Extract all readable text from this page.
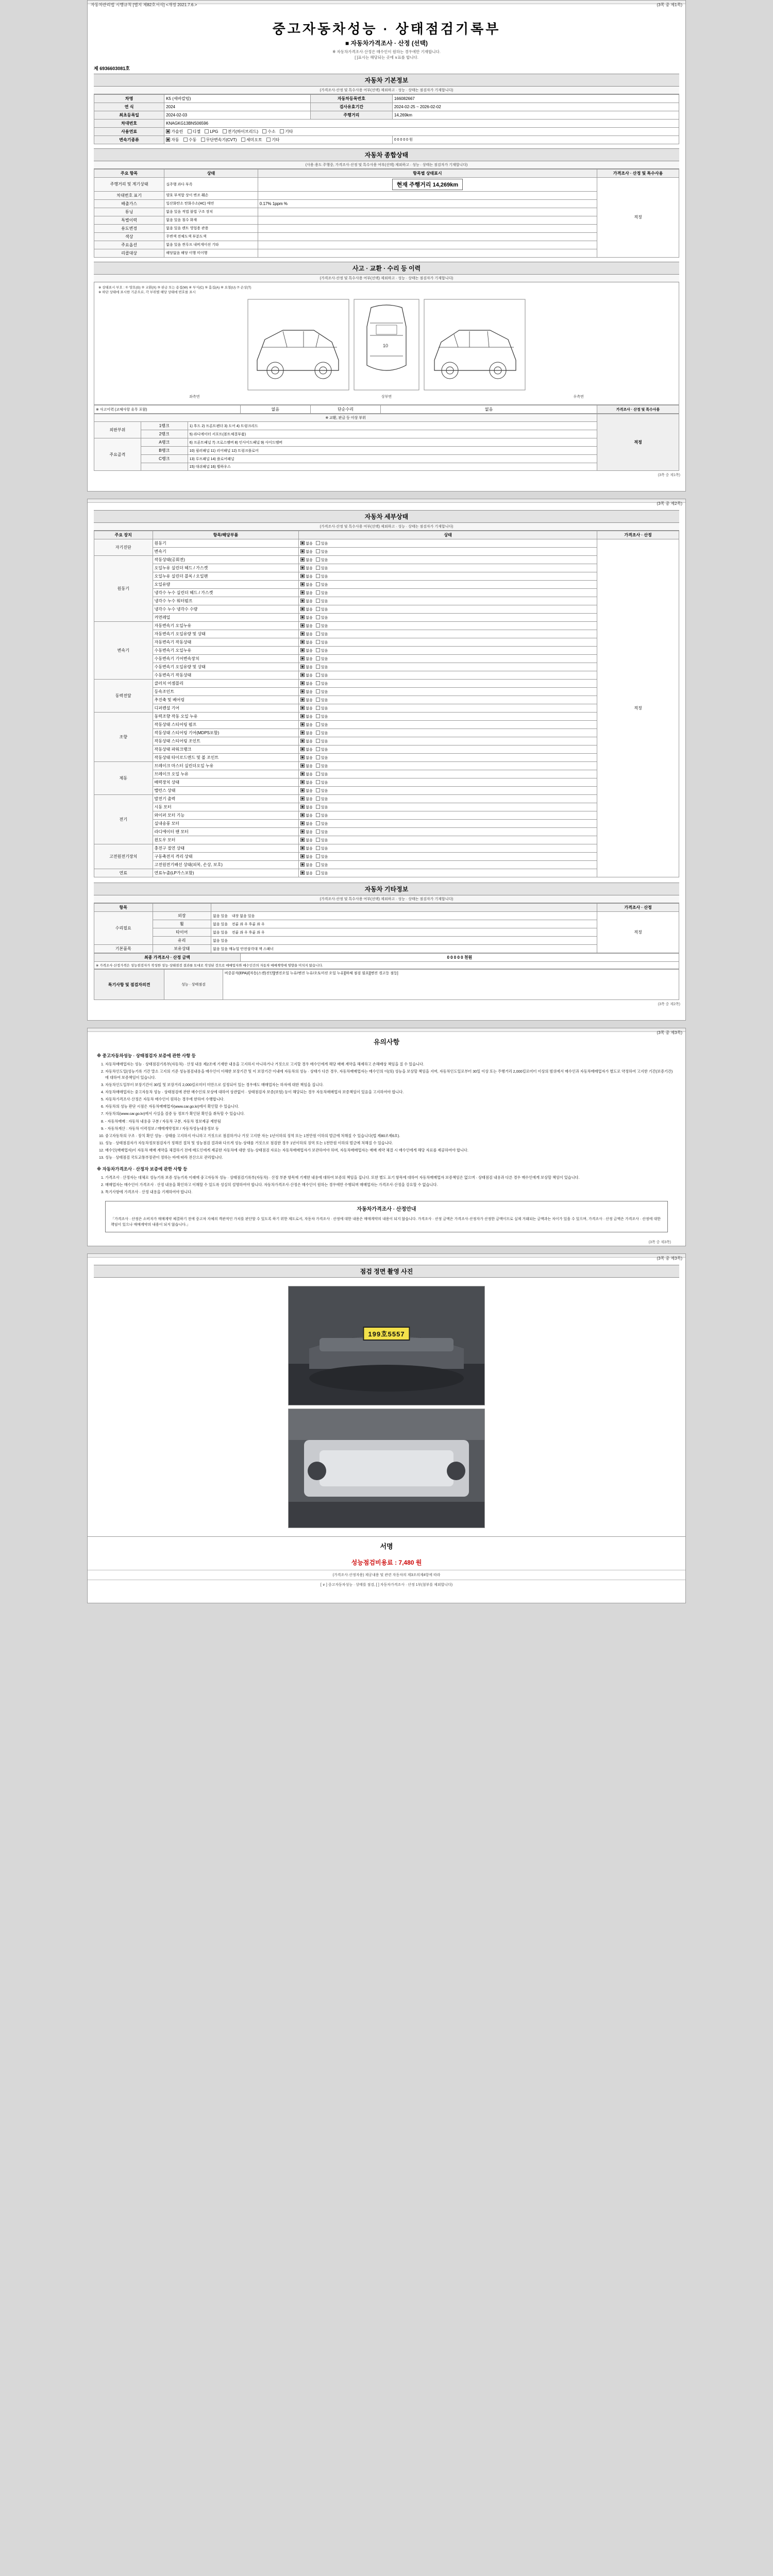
자동차관리법 시행규칙 [별지 제82호서식] <개정 2021.7.6.>	(3쪽 중 제1쪽)
중고자동차성능 · 상태점검기록부
■ 자동차가격조사 · 산정 (선택)
※ 자동차가격조사·산정은 매수인이 원하는 경우에만 기재합니다.
[ ]표시는 해당되는 곳에 ∨표를 합니다.
제 6936603081호
자동차 기본정보
(가격조사·산정 및 특수사용 여부(선택) 제외하고 · 성능 · 상태는 점검자가 기재합니다)
차명	K5 (세바칼럼)	자동차등록번호	166082667
연 식	2024	검사유효기간	2024-02-25 ~ 2026-02-02
최초등록일	2024-02-03	주행거리	14,269km
차대번호	KNAGKG13BNS06596		
사용연료	가솔린 디젤 LPG 전기(하이브리드) 수소 기타		
변속기종류	자동 수동 무단변속기(CVT) 세미오토 기타		0 0 0 0 0 원
자동차 종합상태
(사용·용도 주행중, 가격조사·산정 및 특수사용 여부(선택) 제외하고 · 성능 · 상태는 점검자가 기재합니다)
주요 항목	상태	항목별 상태표시	가격조사 · 산정 및 특수사용
주행거리 및 계기상태	실주행 과다 부족	현재 주행거리 14,269km	적정
차대번호 표기	양호 부적합 상이 변조 훼손		
배출가스	일산화탄소 탄화수소(HC) 매연	0.17% 1ppm %	
튜닝	없음 있음 적법 불법 구조 장치		
특별이력	없음 있음 침수 화재		
용도변경	없음 있음 렌트 영업용 관용		
색상	무변색 전체도색 부분도색		
주요옵션	없음 있음 썬루프 내비게이션 기타		
리콜대상	해당없음 해당 이행 미이행		
사고 · 교환 · 수리 등 이력
(가격조사·산정 및 특수사용 여부(선택) 제외하고 · 성능 · 상태는 점검자가 기재합니다)
※ 상태표시 부호 : ① 양호(G) ② 교환(X) ③ 판금 또는 용접(W) ④ 부식(C) ⑤ 흠집(A) ⑥ 요철(U) ⑦ 손상(T)
※ 하단 상태에 표시한 기준으로, 각 부위별 해당 상태에 번호를 표시
10
좌측면	상부면	우측면
※ 사고이력 (교체사항 유무 포함)	없음	단순수리	없음	가격조사 · 산정 및 특수사용
※ 교환, 판금 등 이상 부위			적정
외판부위	1랭크	1) 후드 2) 프론트펜더 3) 도어 4) 트렁크리드	
	2랭크	5) 라디에이터 서포트(볼트체결부품)	
주요골격	A랭크	6) 프론트패널 7) 크로스멤버 8) 인사이드패널 9) 사이드멤버	
	B랭크	10) 필러패널 11) 리어패널 12) 트렁크플로어	
	C랭크	13) 루프패널 14) 플로어패널	
		15) 대쉬패널 16) 휠하우스	
(3쪽 중 제1쪽)
(3쪽 중 제2쪽)
자동차 세부상태
(가격조사·산정 및 특수사용 여부(선택) 제외하고 · 성능 · 상태는 점검자가 기재합니다)
주요 장치	항목/해당부품	상태	가격조사 · 산정
자기진단	원동기	없음 있음	적정
	변속기	없음 있음	
원동기	작동상태(공회전)	없음 있음	
	오일누유 실린더 헤드 / 가스켓	없음 있음	
	오일누유 실린더 블록 / 오일팬	없음 있음	
	오일유량	없음 있음	
	냉각수 누수 실린더 헤드 / 가스켓	없음 있음	
	냉각수 누수 워터펌프	없음 있음	
	냉각수 누수 냉각수 수량	없음 있음	
	커먼레일	없음 있음	
변속기	자동변속기 오일누유	없음 있음	
	자동변속기 오일유량 및 상태	없음 있음	
	자동변속기 작동상태	없음 있음	
	수동변속기 오일누유	없음 있음	
	수동변속기 기어변속장치	없음 있음	
	수동변속기 오일유량 및 상태	없음 있음	
	수동변속기 작동상태	없음 있음	
동력전달	클러치 어셈블리	없음 있음	
	등속조인트	없음 있음	
	추진축 및 베어링	없음 있음	
	디퍼렌셜 기어	없음 있음	
조향	동력조향 작동 오일 누유	없음 있음	
	작동상태 스티어링 펌프	없음 있음	
	작동상태 스티어링 기어(MDPS포함)	없음 있음	
	작동상태 스티어링 조인트	없음 있음	
	작동상태 파워크랭크	없음 있음	
	작동상태 타이로드엔드 및 볼 조인트	없음 있음	
제동	브레이크 마스터 실린더오일 누유	없음 있음	
	브레이크 오일 누유	없음 있음	
	배력장치 상태	없음 있음	
	밸런스 상태	없음 있음	
전기	발전기 출력	없음 있음	
	시동 모터	없음 있음	
	와이퍼 모터 기능	없음 있음	
	실내송풍 모터	없음 있음	
	라디에이터 팬 모터	없음 있음	
	윈도우 모터	없음 있음	
고전원전기장치	충전구 절연 상태	없음 있음	
	구동축전지 격리 상태	없음 있음	
	고전원전기배선 상태(피복, 손상, 보호)	없음 있음	
연료	연료누출(LP가스포함)	없음 있음	
자동차 기타정보
(가격조사·산정 및 특수사용 여부(선택) 제외하고 · 성능 · 상태는 점검자가 기재합니다)
항목	　	　	가격조사 · 산정
수리필요	외장	없음 있음 내장 없음 있음	적정
	휠	없음 있음 전륜 좌 우 후륜 좌 우	
	타이어	없음 있음 전륜 좌 우 후륜 좌 우	
	유리	없음 있음	
기본품목	보유상태	없음 있음 매뉴얼 안전삼각대 잭 스패너	
최종 가격조사 · 산정 금액	0 0 0 0 0 천원
※ 가격조사·산정가격은 성능점검자가 작성한 성능·상태점검 결과를 토대로 작성된 것으로 매매업자와 매수인간의 자동차 매매계약에 영향을 미치지 않습니다.
특기사항 및 점검자의견	성능 · 상태점검	비중분석(EPA)/[자동(스캔)진단][엔진오일 누유/엔진 누유/오토미션 오일 누유][하체 점검 필요][엔진 경고등 점등]
(3쪽 중 제2쪽)
(3쪽 중 제3쪽)
유의사항
※ 중고자동차성능 · 상태점검자 보증에 관한 사항 등
1. 자동차매매업자는 성능 · 상태점검기록부(자동차) · 산정 내용 제2조에 기재한 내용을 고지하지 아니하거나 거짓으로 고지할 경우 매수인에게 해당 매매 계약을 해제하고 손해배상 책임을 질 수 있습니다.
2. 자동차인도일(성능기록 기간 말소 고지의 기준 성능점검내용을 매수인이 이해한 보장기간 및 이 보장기간 이내에 자동차의 성능 · 상태가 다른 경우, 자동차매매업자는 매수인의 이(의) 성능을 보상할 책임을 지며, 자동차인도일로부터 30일 이상 또는 주행거리 2,000킬로미터 이상의 범위에서 매수인과 자동차매매업자가 별도로 약정하여 고지한 기간(보증기간)에 대하여 보증책임이 있습니다.
3. 자동차인도일부터 보장기간이 30일 및 보장거리 2,000킬로미터 미만으로 설정되어 있는 경우에도 매매업자는 하자에 대한 책임을 집니다.
4. 자동차매매업자는 중고자동차 성능 · 상태점검에 관한 매수인의 보상에 대하여 상관없이 · 상태점검자 보증(보험) 등이 해당되는 경우 자동차매매업자 보증책임이 있음을 고지하여야 합니다.
5. 자동차가격조사·산정은 자동차 매수인이 원하는 경우에 한하여 수행합니다.
6. 자동차의 성능 판단 시점은 자동차매매업자(www.car.go.kr)에서 확인할 수 있습니다.
7. 자동차의(www.car.go.kr)에서 사실을 검증 등 정보가 확인된 확인을 취득할 수 있습니다.
8. - 자동차매매 : 자동차 내용중 구분 / 자동차 구분, 자동차 정보제공 제한됨
9. - 자동차계산 : 자동차 이력정보 / 매매계약정보 / 자동차성능내용정보 등
10. 중고자동차의 구조 · 장치 확인 성능 · 상태를 고지하지 아니하고 거짓으로 점검하거나 거짓 고지한 자는 1년이하의 징역 또는 1천만원 이하의 벌금에 처해질 수 있습니다(법 제80조제6호).
11. 성능 · 상태점검자가 자동차정보점검자가 정해진 절차 및 성능점검 결과와 다르게 성능·상태를 거짓으로 점검한 경우 1년이하의 징역 또는 1천만원 이하의 벌금에 처해질 수 있습니다.
12. 매수인(매매업자)이 자동차 매매 계약을 체결하기 전에 매도인에게 제공한 자동차에 대한 성능·상태점검 자료는 자동차매매업자가 보관하여야 하며, 자동차매매업자는 매매 계약 체결 시 매수인에게 해당 자료를 제공하여야 합니다.
13. 성능 · 상태점검 국토교통부장관이 정하는 바에 따라 전산으로 관리합니다.
※ 자동차가격조사 · 산정자 보증에 관한 사항 등
1. 가격조사 · 산정자는 대체로 성능기록 보증 성능기록 이래에 중고자동차 성능 · 상태점검기록부(자동차) · 산정 부분 항목에 기재한 내용에 대하여 보증의 책임을 집니다. 또한 별도 표기 항목에 대하여 자동차매매업자 보증책임은 없으며 · 상태점검 내용과 다른 경우 매수인에게 보상할 책임이 있습니다.
2. 매매업자는 매수인이 가격조사 · 산정 내용을 확인하고 이해할 수 있도록 성실히 설명하여야 합니다. 자동차가격조사·산정은 매수인이 원하는 경우에만 수행되며 매매업자는 가격조사·산정을 강요할 수 없습니다.
3. 특기사항에 가격조사 · 산정 내용을 기재하여야 합니다.
자동차가격조사 · 산정안내
「가격조사 · 산정은 소비자가 매매계약 체결하기 전에 중고차 자체의 객관적인 가치를 판단할 수 있도록 하기 위한 제도로서, 자동차 가격조사 · 산정에 대한 내용은 매매계약의 내용이 되지 않습니다. 가격조사 · 산정 금액은 가격조사·산정자가 산정한 금액이므로 실제 거래되는 금액과는 차이가 있을 수 있으며, 가격조사 · 산정 금액은 가격조사 · 산정에 대한 책임이 있으나 매매계약의 내용이 되지 않습니다.」
(3쪽 중 제3쪽)
(3쪽 중 제3쪽)
점검 정면 촬영 사진
199호5557
서명
성능점검비용료 : 7,480 원
(가격조사·산정자용) 제공내용 및 관련 자동차의 제3조의제4항에 따라
[ ∨ ] 중고자동차성능 · 상태를 점검, [ ] 자동차가격조사 · 산정 1부(첨부를 제외합니다)
